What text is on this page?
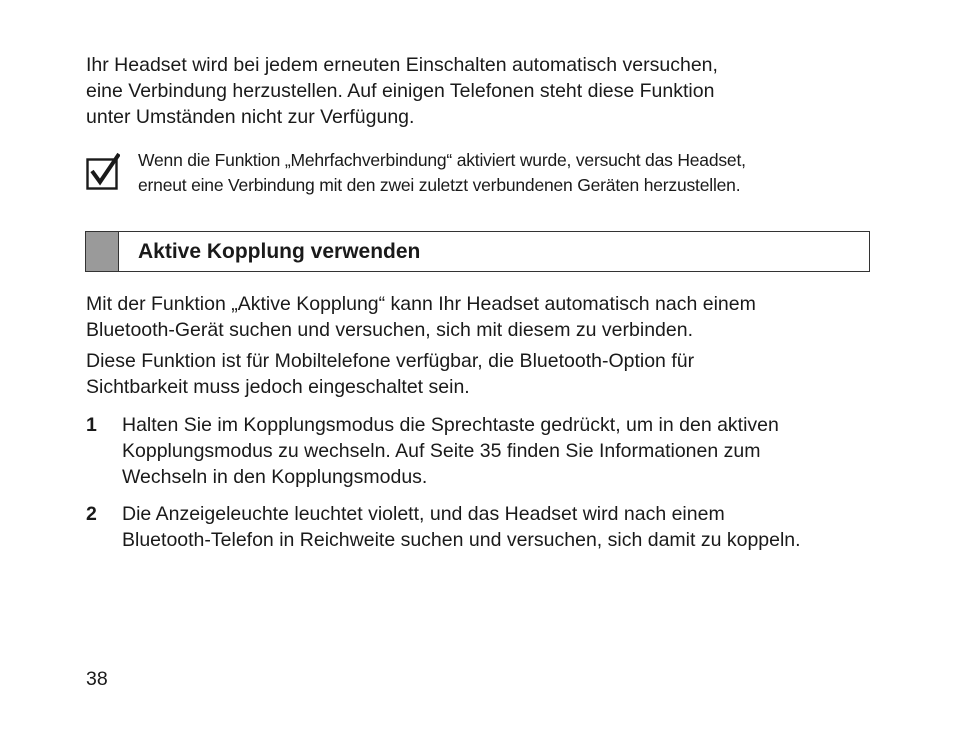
Ihr Headset wird bei jedem erneuten Einschalten automatisch versuchen,
eine Verbindung herzustellen. Auf einigen Telefonen steht diese Funktion
unter Umständen nicht zur Verfügung.

Wenn die Funktion „Mehrfachverbindung“ aktiviert wurde, versucht das Headset,
erneut eine Verbindung mit den zwei zuletzt verbundenen Geräten herzustellen.
Aktive Kopplung verwenden

Mit der Funktion „Aktive Kopplung“ kann Ihr Headset automatisch nach einem
Bluetooth-Gerät suchen und versuchen, sich mit diesem zu verbinden.

Diese Funktion ist für Mobiltelefone verfügbar, die Bluetooth-Option für
Sichtbarkeit muss jedoch eingeschaltet sein.

1 Halten Sie im Kopplungsmodus die Sprechtaste gedrückt, um in den aktiven
Kopplungsmodus zu wechseln. Auf Seite 35 finden Sie Informationen zum
Wechseln in den Kopplungsmodus.
2 Die Anzeigeleuchte leuchtet violett, und das Headset wird nach einem
Bluetooth-Telefon in Reichweite suchen und versuchen, sich damit zu koppeln.
38
